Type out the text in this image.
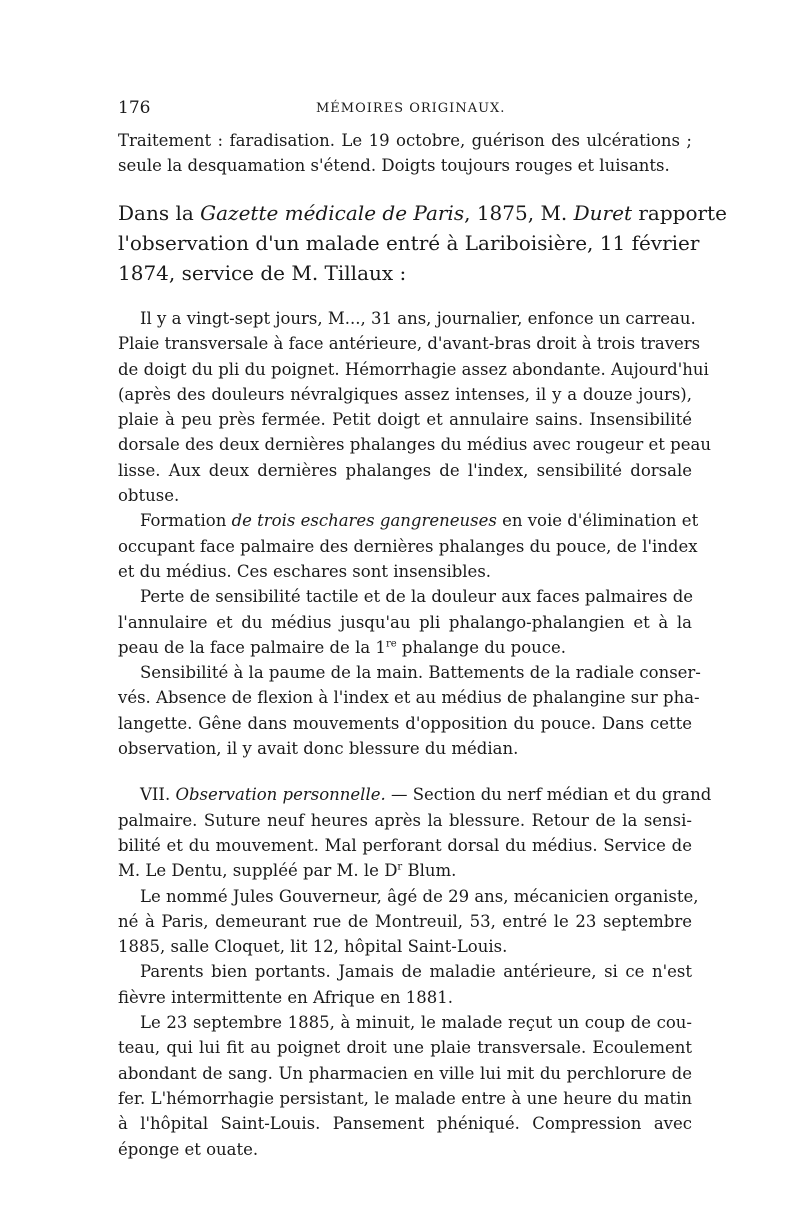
176	MÉMOIRES ORIGINAUX.

Traitement : faradisation. Le 19 octobre, guérison des ulcérations ;

seule la desquamation s'étend. Doigts toujours rouges et luisants.

Dans la Gazette médicale de Paris, 1875, M. Duret rapporte

l'observation d'un malade entré à Lariboisière, 11 février

1874, service de M. Tillaux :

Il y a vingt-sept jours, M..., 31 ans, journalier, enfonce un carreau.

Plaie transversale à face antérieure, d'avant-bras droit à trois travers

de doigt du pli du poignet. Hémorrhagie assez abondante. Aujourd'hui

(après des douleurs névralgiques assez intenses, il y a douze jours),

plaie à peu près fermée. Petit doigt et annulaire sains. Insensibilité

dorsale des deux dernières phalanges du médius avec rougeur et peau

lisse. Aux deux dernières phalanges de l'index, sensibilité dorsale

obtuse.

Formation de trois eschares gangreneuses en voie d'élimination et

occupant face palmaire des dernières phalanges du pouce, de l'index

et du médius. Ces eschares sont insensibles.

Perte de sensibilité tactile et de la douleur aux faces palmaires de

l'annulaire et du médius jusqu'au pli phalango-phalangien et à la

peau de la face palmaire de la 1re phalange du pouce.

Sensibilité à la paume de la main. Battements de la radiale conser-

vés. Absence de flexion à l'index et au médius de phalangine sur pha-

langette. Gêne dans mouvements d'opposition du pouce. Dans cette

observation, il y avait donc blessure du médian.

VII. Observation personnelle. — Section du nerf médian et du grand

palmaire. Suture neuf heures après la blessure. Retour de la sensi-

bilité et du mouvement. Mal perforant dorsal du médius. Service de

M. Le Dentu, suppléé par M. le $D^r$ Blum.

Le nommé Jules Gouverneur, âgé de 29 ans, mécanicien organiste,

né à Paris, demeurant rue de Montreuil, 53, entré le 23 septembre

1885, salle Cloquet, lit 12, hôpital Saint-Louis.

Parents bien portants. Jamais de maladie antérieure, si ce n'est

fièvre intermittente en Afrique en 1881.

Le 23 septembre 1885, à minuit, le malade reçut un coup de cou-

teau, qui lui fit au poignet droit une plaie transversale. Ecoulement

abondant de sang. Un pharmacien en ville lui mit du perchlorure de

fer. L'hémorrhagie persistant, le malade entre à une heure du matin

à l'hôpital Saint-Louis. Pansement phéniqué. Compression avec

éponge et ouate.
